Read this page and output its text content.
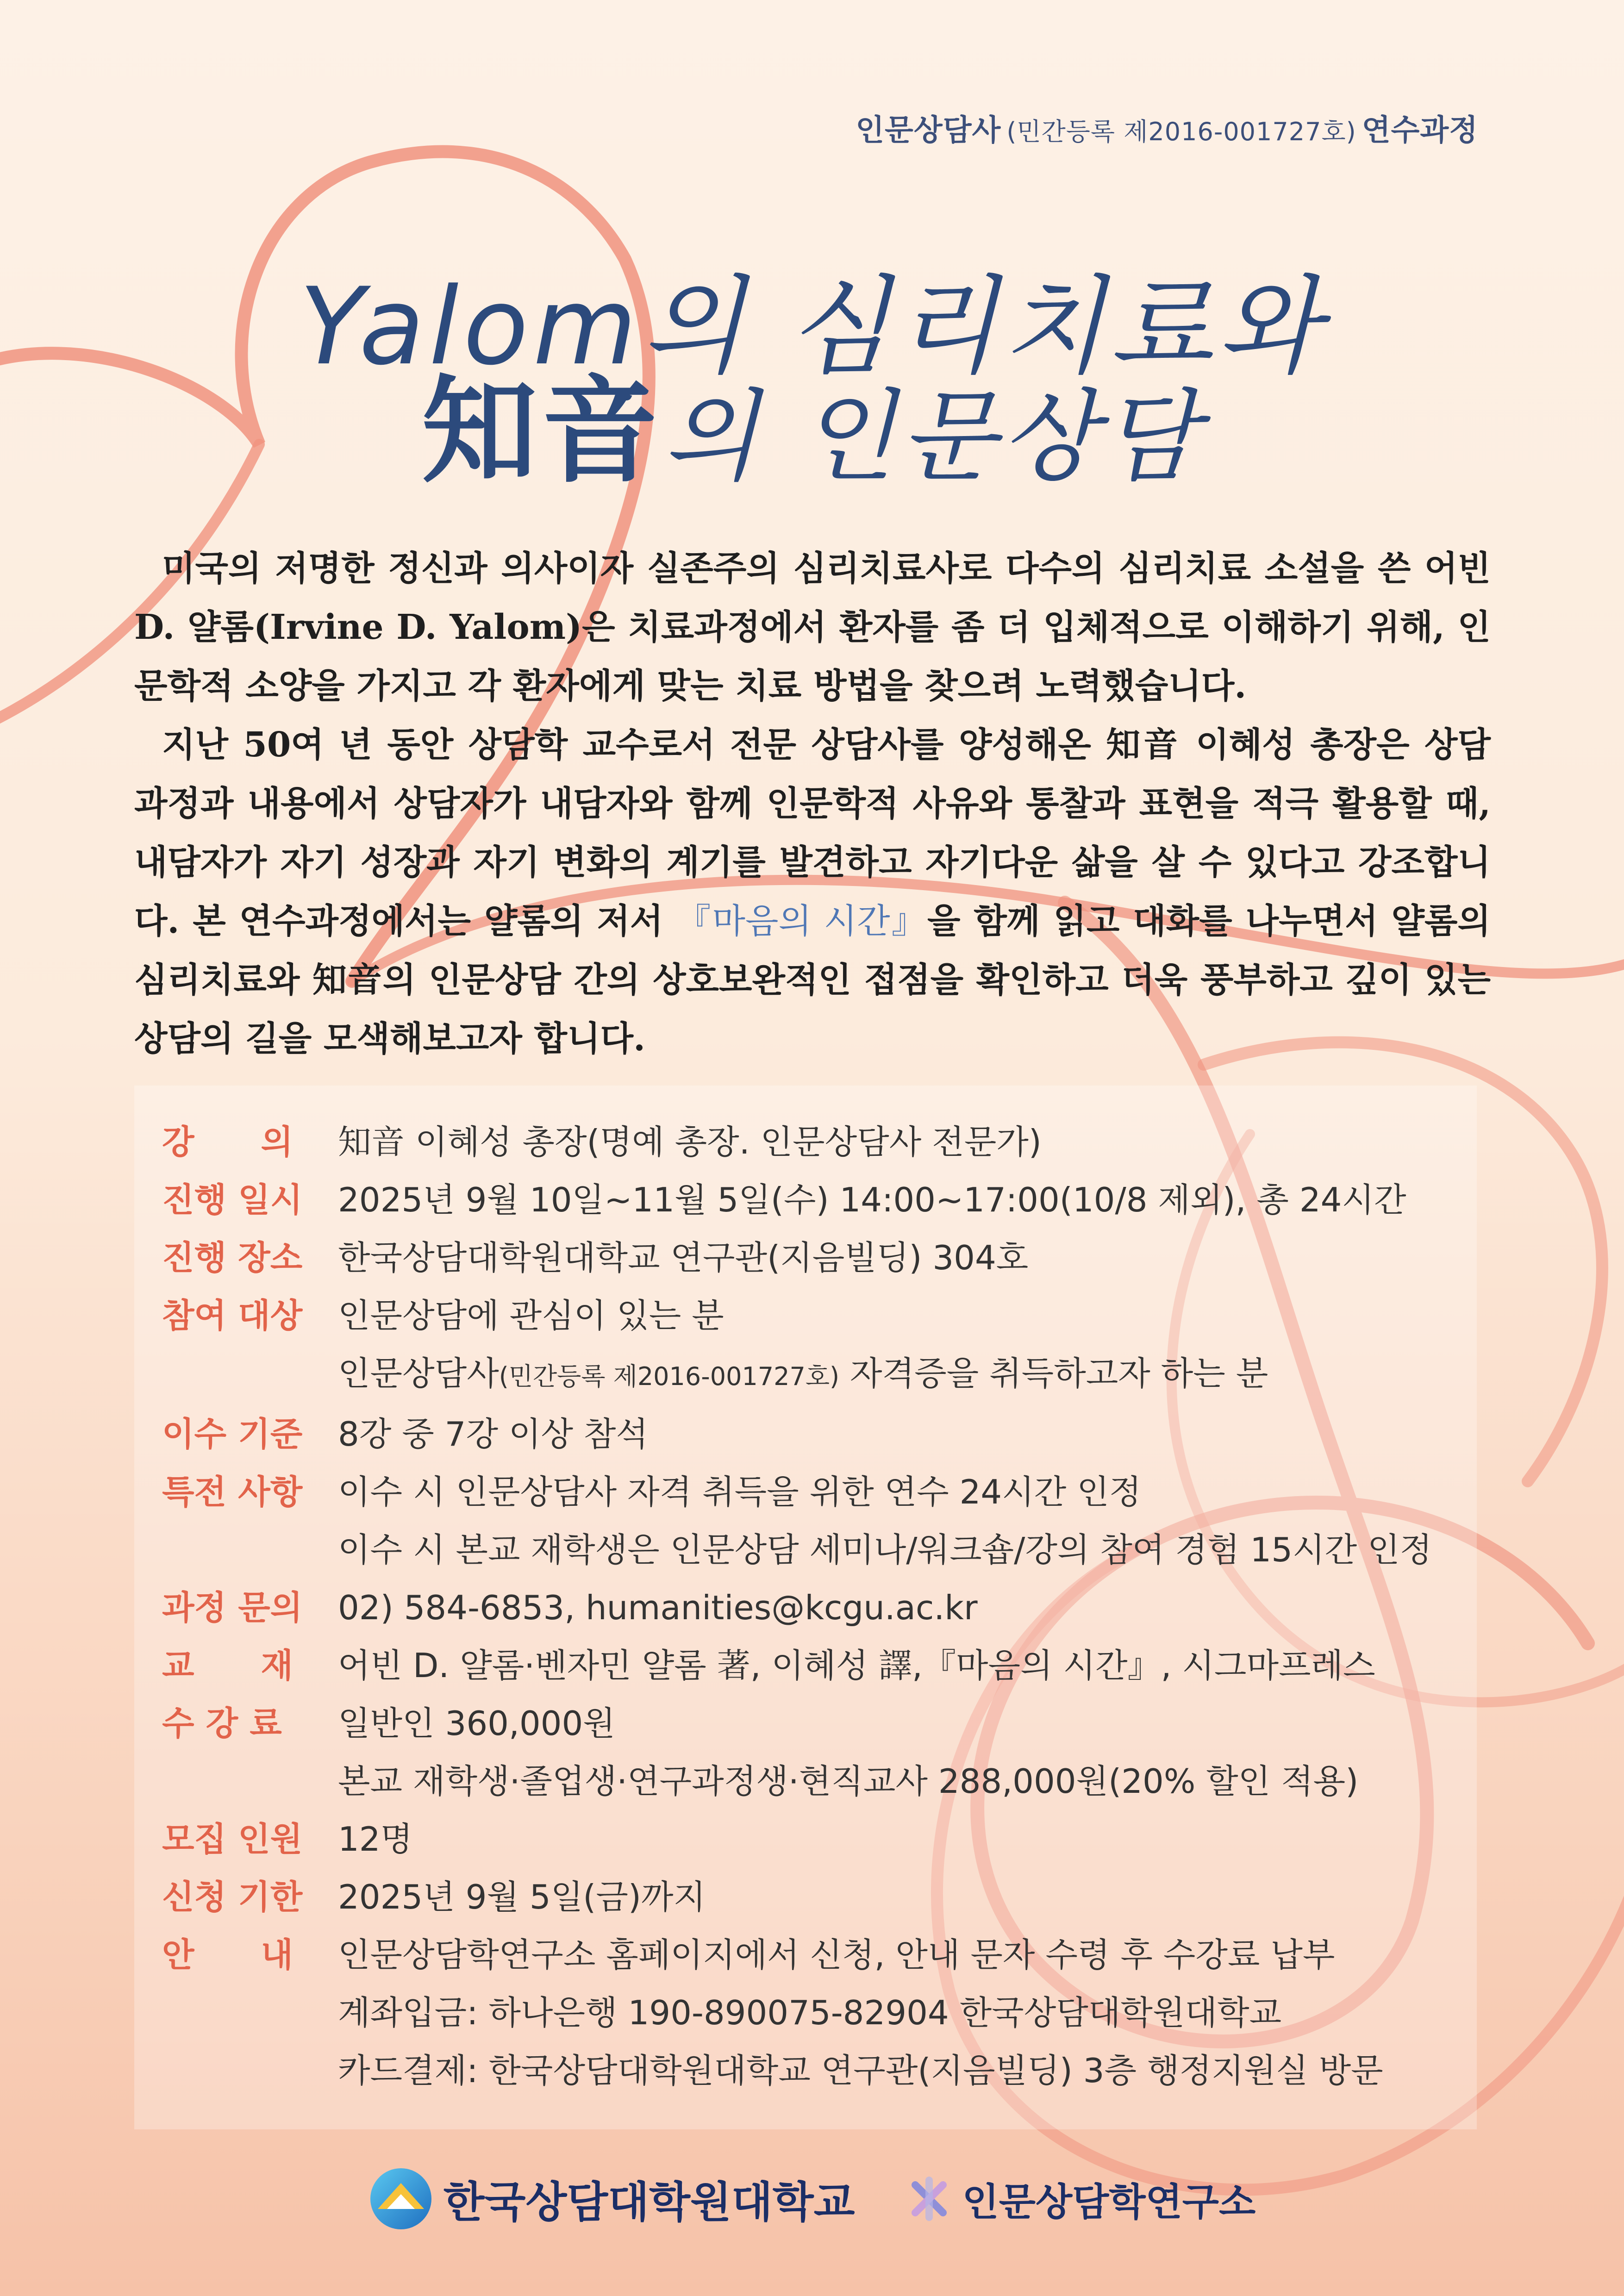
인문상담사 (민간등록 제2016-001727호) 연수과정
Yalom의 심리치료와
知音의 인문상담

미국의 저명한 정신과 의사이자 실존주의 심리치료사로 다수의 심리치료 소설을 쓴 어빈 D. 얄롬(Irvine D. Yalom)은 치료과정에서 환자를 좀 더 입체적으로 이해하기 위해, 인문학적 소양을 가지고 각 환자에게 맞는 치료 방법을 찾으려 노력했습니다.

지난 50여 년 동안 상담학 교수로서 전문 상담사를 양성해온 知音 이혜성 총장은 상담 과정과 내용에서 상담자가 내담자와 함께 인문학적 사유와 통찰과 표현을 적극 활용할 때, 내담자가 자기 성장과 자기 변화의 계기를 발견하고 자기다운 삶을 살 수 있다고 강조합니다. 본 연수과정에서는 얄롬의 저서 『마음의 시간』을 함께 읽고 대화를 나누면서 얄롬의 심리치료와 知音의 인문상담 간의 상호보완적인 접점을 확인하고 더욱 풍부하고 깊이 있는 상담의 길을 모색해보고자 합니다.

강　　의	知音 이혜성 총장(명예 총장. 인문상담사 전문가)
진행 일시	2025년 9월 10일~11월 5일(수) 14:00~17:00(10/8 제외), 총 24시간
진행 장소	한국상담대학원대학교 연구관(지음빌딩) 304호
참여 대상	인문상담에 관심이 있는 분
인문상담사(민간등록 제2016-001727호) 자격증을 취득하고자 하는 분
이수 기준	8강 중 7강 이상 참석
특전 사항	이수 시 인문상담사 자격 취득을 위한 연수 24시간 인정
이수 시 본교 재학생은 인문상담 세미나/워크숍/강의 참여 경험 15시간 인정
과정 문의	02) 584-6853, humanities@kcgu.ac.kr
교　　재	어빈 D. 얄롬·벤자민 얄롬 著, 이혜성 譯,『마음의 시간』, 시그마프레스
수 강 료	일반인 360,000원
본교 재학생·졸업생·연구과정생·현직교사 288,000원(20% 할인 적용)
모집 인원	12명
신청 기한	2025년 9월 5일(금)까지
안　　내	인문상담학연구소 홈페이지에서 신청, 안내 문자 수령 후 수강료 납부
계좌입금: 하나은행 190-890075-82904 한국상담대학원대학교
카드결제: 한국상담대학원대학교 연구관(지음빌딩) 3층 행정지원실 방문
한국상담대학원대학교	인문상담학연구소
